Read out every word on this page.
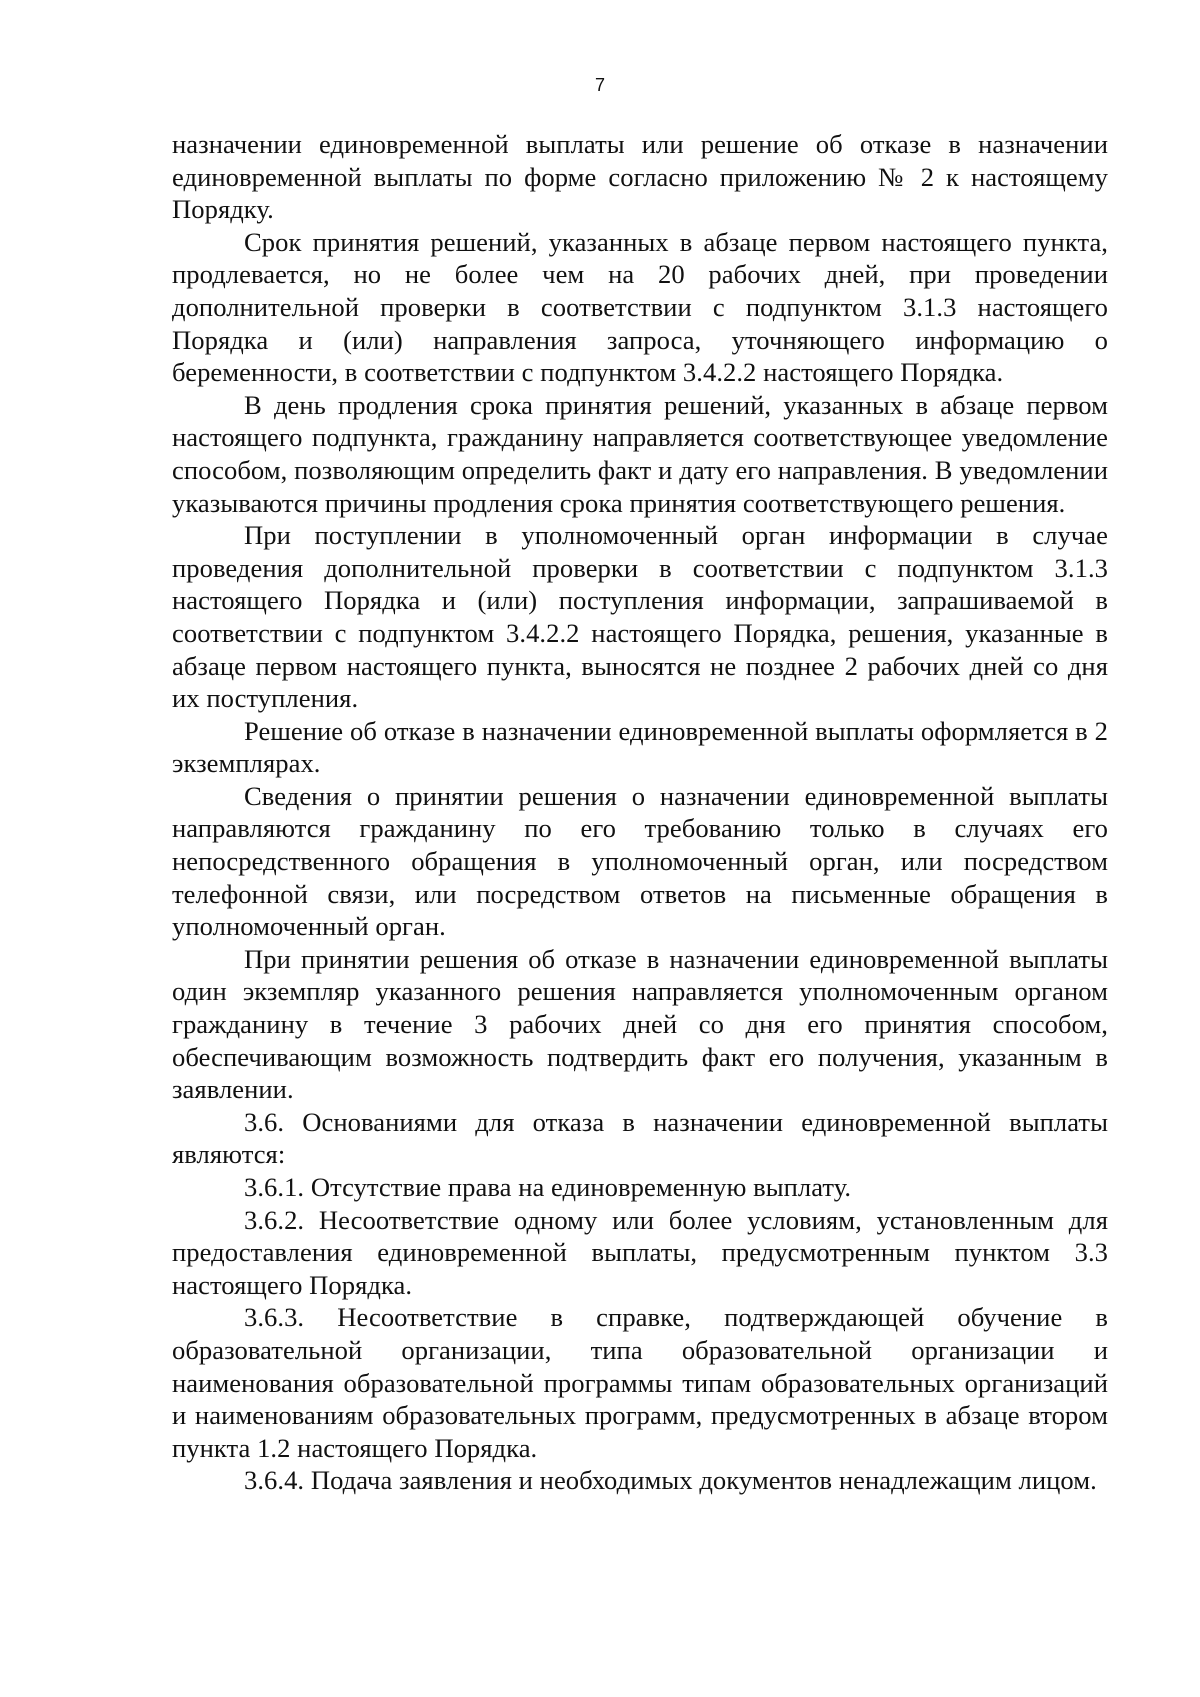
7

назначении единовременной выплаты или решение об отказе в назначении единовременной выплаты по форме согласно приложению № 2 к настоящему Порядку.

Срок принятия решений, указанных в абзаце первом настоящего пункта, продлевается, но не более чем на 20 рабочих дней, при проведении дополнительной проверки в соответствии с подпунктом 3.1.3 настоящего Порядка и (или) направления запроса, уточняющего информацию о беременности, в соответствии с подпунктом 3.4.2.2 настоящего Порядка.

В день продления срока принятия решений, указанных в абзаце первом настоящего подпункта, гражданину направляется соответствующее уведомление способом, позволяющим определить факт и дату его направления. В уведомлении указываются причины продления срока принятия соответствующего решения.

При поступлении в уполномоченный орган информации в случае проведения дополнительной проверки в соответствии с подпунктом 3.1.3 настоящего Порядка и (или) поступления информации, запрашиваемой в соответствии с подпунктом 3.4.2.2 настоящего Порядка, решения, указанные в абзаце первом настоящего пункта, выносятся не позднее 2 рабочих дней со дня их поступления.

Решение об отказе в назначении единовременной выплаты оформляется в 2 экземплярах.

Сведения о принятии решения о назначении единовременной выплаты направляются гражданину по его требованию только в случаях его непосредственного обращения в уполномоченный орган, или посредством телефонной связи, или посредством ответов на письменные обращения в уполномоченный орган.

При принятии решения об отказе в назначении единовременной выплаты один экземпляр указанного решения направляется уполномоченным органом гражданину в течение 3 рабочих дней со дня его принятия способом, обеспечивающим возможность подтвердить факт его получения, указанным в заявлении.

3.6. Основаниями для отказа в назначении единовременной выплаты являются:

3.6.1. Отсутствие права на единовременную выплату.

3.6.2. Несоответствие одному или более условиям, установленным для предоставления единовременной выплаты, предусмотренным пунктом 3.3 настоящего Порядка.

3.6.3. Несоответствие в справке, подтверждающей обучение в образовательной организации, типа образовательной организации и наименования образовательной программы типам образовательных организаций и наименованиям образовательных программ, предусмотренных в абзаце втором пункта 1.2 настоящего Порядка.

3.6.4. Подача заявления и необходимых документов ненадлежащим лицом.
